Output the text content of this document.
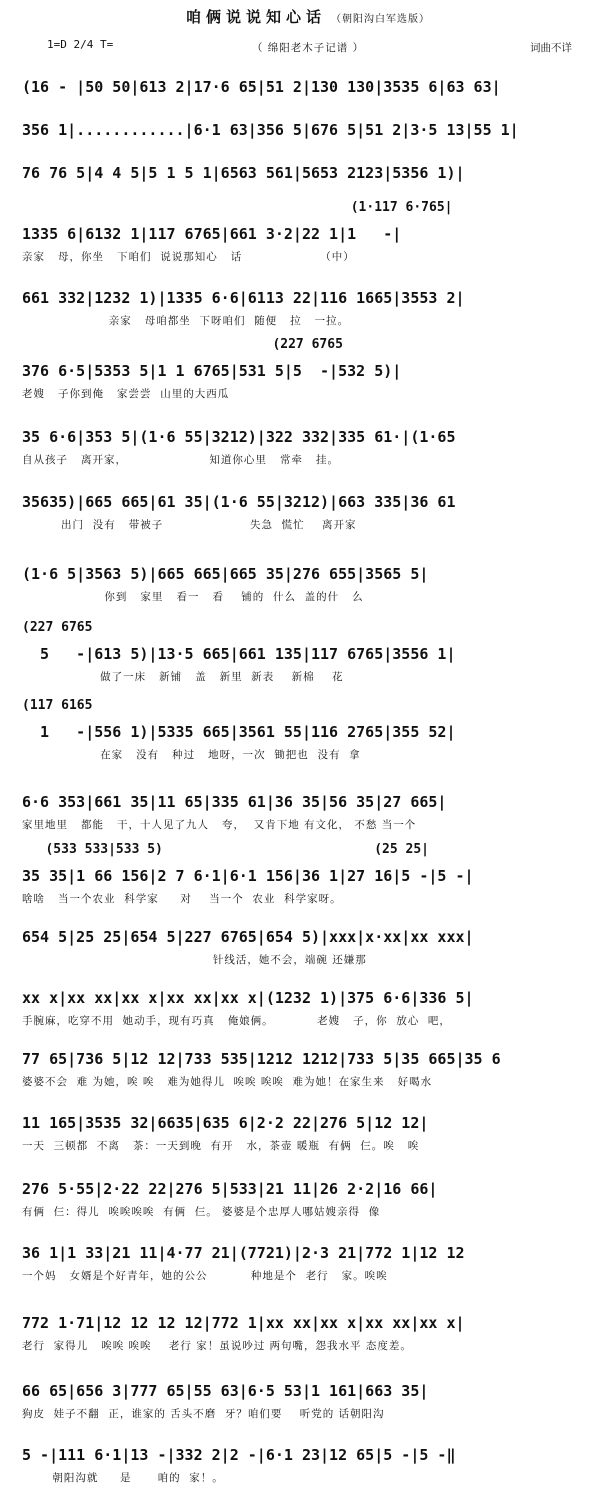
咱俩说说知心话 （朝阳沟白军选版）
1=D 2/4 T=	（ 绵阳老木子记谱 ）	词曲不详
(16 - |50 50|613 2|17·6 65|51 2|130 130|3535 6|63 63|
356 1|............|6·1 63|356 5|676 5|51 2|3·5 13|55 1|
76 76 5|4 4 5|5 1 5 1|6563 561|5653 2123|5356 1)|
1335 6|6132 1|117 6765|661 3·2|22 1|1   -|
亲家   母，你坐   下咱们  说说那知心   话                  （中）
(1·117 6·765|
661 332|1232 1)|1335 6·6|6113 22|116 1665|3553 2|
亲家   母咱都坐  下呀咱们  随便   拉   一拉。
376 6·5|5353 5|1 1 6765|531 5|5  -|532 5)|
老嫂   子你到俺   家尝尝  山里的大西瓜
(227 6765
35 6·6|353 5|(1·6 55|3212)|322 332|335 61·|(1·65
自从孩子   离开家，                   知道你心里   常牵   挂。
35635)|665 665|61 35|(1·6 55|3212)|663 335|36 61
出门  没有   带被子                    失急  慌忙    离开家
(1·6 5|3563 5)|665 665|665 35|276 655|3565 5|
你到   家里   看一   看    铺的  什么  盖的什   么
5   -|613 5)|13·5 665|661 135|117 6765|3556 1|
做了一床   新铺   盖   新里  新表    新棉    花
(227 6765
1   -|556 1)|5335 665|3561 55|116 2765|355 52|
在家   没有   种过   地呀，一次  锄把也  没有  拿
(117 6165
6·6 353|661 35|11 65|335 61|36 35|56 35|27 665|
家里地里   都能   干，十人见了九人   夸，  又肯下地 有文化， 不愁 当一个
35 35|1 66 156|2 7 6·1|6·1 156|36 1|27 16|5 -|5 -|
啥啥   当一个农业  科学家     对    当一个  农业  科学家呀。
(533 533|533 5)                           (25 25|
654 5|25 25|654 5|227 6765|654 5)|xxx|x·xx|xx xxx|
针线活，她不会，端碗 还嫌那
xx x|xx xx|xx x|xx xx|xx x|(1232 1)|375 6·6|336 5|
手腕麻，吃穿不用  她动手，现有巧真   俺娘俩。          老嫂   子，你  放心  吧，
77 65|736 5|12 12|733 535|1212 1212|733 5|35 665|35 6
婆婆不会  难 为她，唉 唉   难为她得儿  唉唉 唉唉  难为她！在家生来   好喝水
11 165|3535 32|6635|635 6|2·2 22|276 5|12 12|
一天  三顿都  不离   茶：一天到晚  有开   水，茶壶 暖瓶  有俩  仨。唉   唉
276 5·55|2·22 22|276 5|533|21 11|26 2·2|16 66|
有俩  仨：得儿  唉唉唉唉  有俩  仨。 婆婆是个忠厚人哪姑嫂亲得  像
36 1|1 33|21 11|4·77 21|(7721)|2·3 21|772 1|12 12
一个妈   女婿是个好青年，她的公公          种地是个  老行   家。唉唉
772 1·71|12 12 12 12|772 1|xx xx|xx x|xx xx|xx x|
老行  家得儿   唉唉 唉唉    老行 家！虽说吵过 两句嘴，怨我水平 态度差。
66 65|656 3|777 65|55 63|6·5 53|1 161|663 35|
狗皮  娃子不翻  正，谁家的 舌头不磨  牙？咱们要    听党的 话朝阳沟
5 -|111 6·1|13 -|332 2|2 -|6·1 23|12 65|5 -|5 -‖
朝阳沟就     是      咱的  家！。
